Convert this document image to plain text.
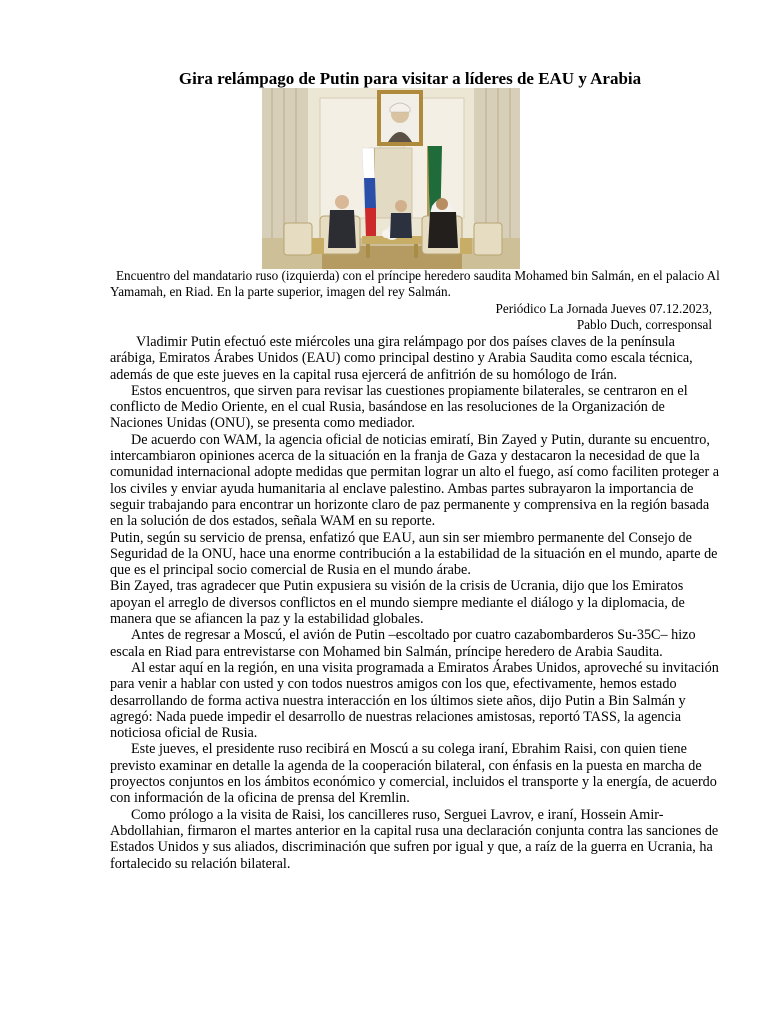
Gira relámpago de Putin para visitar a líderes de EAU y Arabia
Encuentro del mandatario ruso (izquierda) con el príncipe heredero saudita Mohamed bin Salmán, en el palacio Al Yamamah, en Riad. En la parte superior, imagen del rey Salmán.
Periódico La Jornada Jueves 07.12.2023,
Pablo Duch, corresponsal

Vladimir Putin efectuó este miércoles una gira relámpago por dos países claves de la península arábiga, Emiratos Árabes Unidos (EAU) como principal destino y Arabia Saudita como escala técnica, además de que este jueves en la capital rusa ejercerá de anfitrión de su homólogo de Irán.

Estos encuentros, que sirven para revisar las cuestiones propiamente bilaterales, se centraron en el conflicto de Medio Oriente, en el cual Rusia, basándose en las resoluciones de la Organización de Naciones Unidas (ONU), se presenta como mediador.

De acuerdo con WAM, la agencia oficial de noticias emiratí, Bin Zayed y Putin, durante su encuentro, intercambiaron opiniones acerca de la situación en la franja de Gaza y destacaron la necesidad de que la comunidad internacional adopte medidas que permitan lograr un alto el fuego, así como faciliten proteger a los civiles y enviar ayuda humanitaria al enclave palestino. Ambas partes subrayaron la importancia de seguir trabajando para encontrar un horizonte claro de paz permanente y comprensiva en la región basada en la solución de dos estados, señala WAM en su reporte.

Putin, según su servicio de prensa, enfatizó que EAU, aun sin ser miembro permanente del Consejo de Seguridad de la ONU, hace una enorme contribución a la estabilidad de la situación en el mundo, aparte de que es el principal socio comercial de Rusia en el mundo árabe.

Bin Zayed, tras agradecer que Putin expusiera su visión de la crisis de Ucrania, dijo que los Emiratos apoyan el arreglo de diversos conflictos en el mundo siempre mediante el diálogo y la diplomacia, de manera que se afiancen la paz y la estabilidad globales.

Antes de regresar a Moscú, el avión de Putin –escoltado por cuatro cazabombarderos Su-35C– hizo escala en Riad para entrevistarse con Mohamed bin Salmán, príncipe heredero de Arabia Saudita.

Al estar aquí en la región, en una visita programada a Emiratos Árabes Unidos, aproveché su invitación para venir a hablar con usted y con todos nuestros amigos con los que, efectivamente, hemos estado desarrollando de forma activa nuestra interacción en los últimos siete años, dijo Putin a Bin Salmán y agregó: Nada puede impedir el desarrollo de nuestras relaciones amistosas, reportó TASS, la agencia noticiosa oficial de Rusia.

Este jueves, el presidente ruso recibirá en Moscú a su colega iraní, Ebrahim Raisi, con quien tiene previsto examinar en detalle la agenda de la cooperación bilateral, con énfasis en la puesta en marcha de proyectos conjuntos en los ámbitos económico y comercial, incluidos el transporte y la energía, de acuerdo con información de la oficina de prensa del Kremlin.

Como prólogo a la visita de Raisi, los cancilleres ruso, Serguei Lavrov, e iraní, Hossein Amir-Abdollahian, firmaron el martes anterior en la capital rusa una declaración conjunta contra las sanciones de Estados Unidos y sus aliados, discriminación que sufren por igual y que, a raíz de la guerra en Ucrania, ha fortalecido su relación bilateral.
